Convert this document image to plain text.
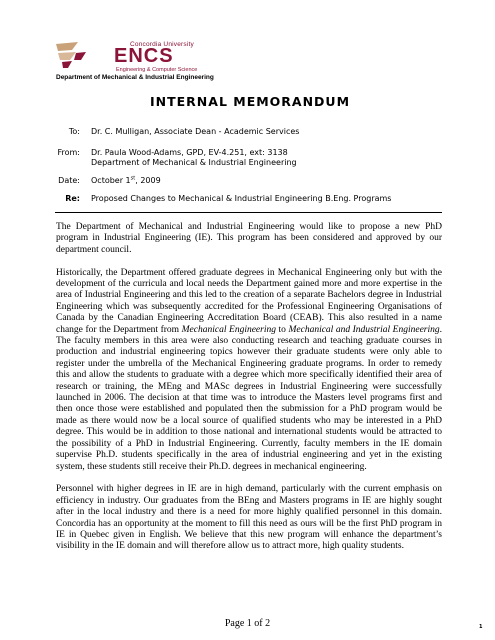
Concordia University
ENCS
Engineering & Computer Science
Department of Mechanical & Industrial Engineering
INTERNAL MEMORANDUM
To: Dr. C. Mulligan, Associate Dean - Academic Services
From: Dr. Paula Wood-Adams, GPD, EV-4.251, ext: 3138
Department of Mechanical & Industrial Engineering
Date: October 1st, 2009
Re: Proposed Changes to Mechanical & Industrial Engineering B.Eng. Programs

The Department of Mechanical and Industrial Engineering would like to propose a new PhD program in Industrial Engineering (IE). This program has been considered and approved by our department council.

Historically, the Department offered graduate degrees in Mechanical Engineering only but with the development of the curricula and local needs the Department gained more and more expertise in the area of Industrial Engineering and this led to the creation of a separate Bachelors degree in Industrial Engineering which was subsequently accredited for the Professional Engineering Organisations of Canada by the Canadian Engineering Accreditation Board (CEAB). This also resulted in a name change for the Department from Mechanical Engineering to Mechanical and Industrial Engineering. The faculty members in this area were also conducting research and teaching graduate courses in production and industrial engineering topics however their graduate students were only able to register under the umbrella of the Mechanical Engineering graduate programs. In order to remedy this and allow the students to graduate with a degree which more specifically identified their area of research or training, the MEng and MASc degrees in Industrial Engineering were successfully launched in 2006. The decision at that time was to introduce the Masters level programs first and then once those were established and populated then the submission for a PhD program would be made as there would now be a local source of qualified students who may be interested in a PhD degree. This would be in addition to those national and international students would be attracted to the possibility of a PhD in Industrial Engineering. Currently, faculty members in the IE domain supervise Ph.D. students specifically in the area of industrial engineering and yet in the existing system, these students still receive their Ph.D. degrees in mechanical engineering.

Personnel with higher degrees in IE are in high demand, particularly with the current emphasis on efficiency in industry. Our graduates from the BEng and Masters programs in IE are highly sought after in the local industry and there is a need for more highly qualified personnel in this domain. Concordia has an opportunity at the moment to fill this need as ours will be the first PhD program in IE in Quebec given in English. We believe that this new program will enhance the department’s visibility in the IE domain and will therefore allow us to attract more, high quality students.

Page 1 of 2	1
